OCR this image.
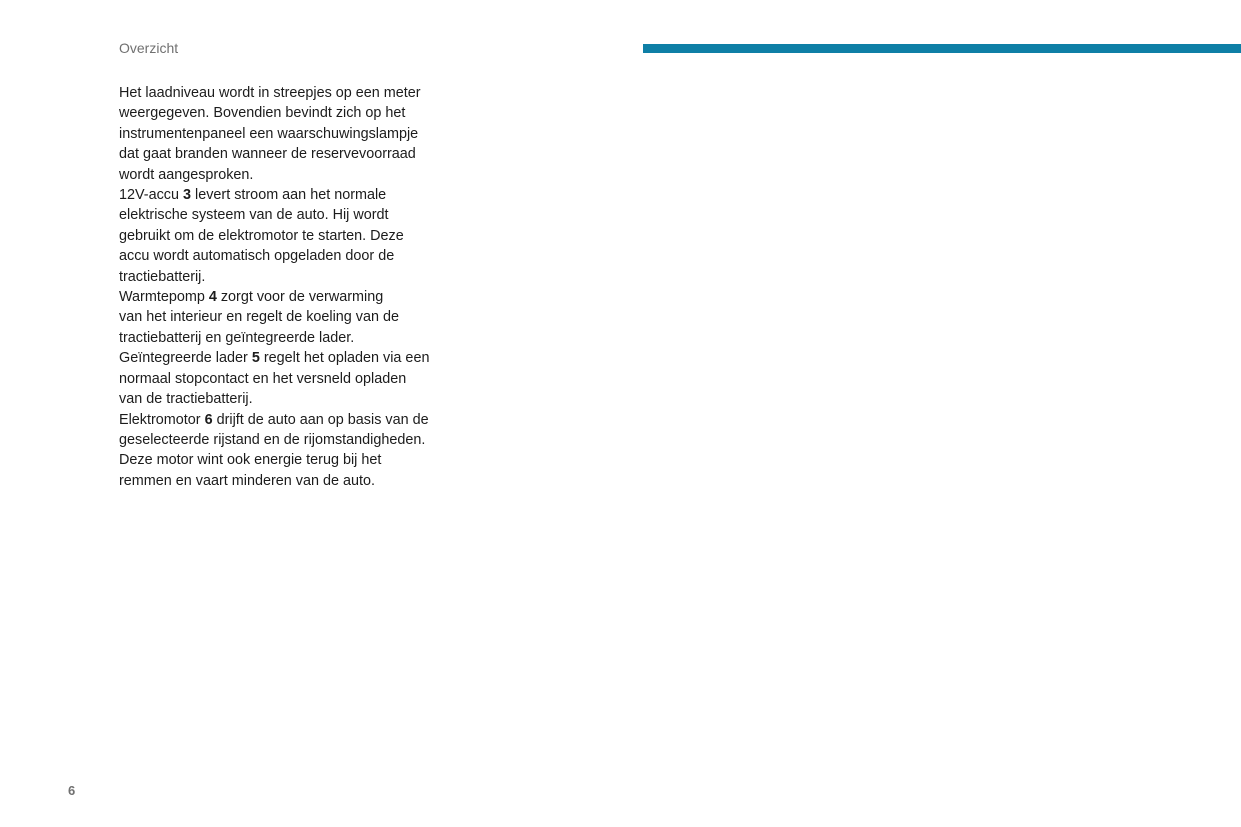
Overzicht
Het laadniveau wordt in streepjes op een meter
weergegeven. Bovendien bevindt zich op het
instrumentenpaneel een waarschuwingslampje
dat gaat branden wanneer de reservevoorraad
wordt aangesproken.
12V-accu 3 levert stroom aan het normale
elektrische systeem van de auto. Hij wordt
gebruikt om de elektromotor te starten. Deze
accu wordt automatisch opgeladen door de
tractiebatterij.
Warmtepomp 4 zorgt voor de verwarming
van het interieur en regelt de koeling van de
tractiebatterij en geïntegreerde lader.
Geïntegreerde lader 5 regelt het opladen via een
normaal stopcontact en het versneld opladen
van de tractiebatterij.
Elektromotor 6 drijft de auto aan op basis van de
geselecteerde rijstand en de rijomstandigheden.
Deze motor wint ook energie terug bij het
remmen en vaart minderen van de auto.
6
